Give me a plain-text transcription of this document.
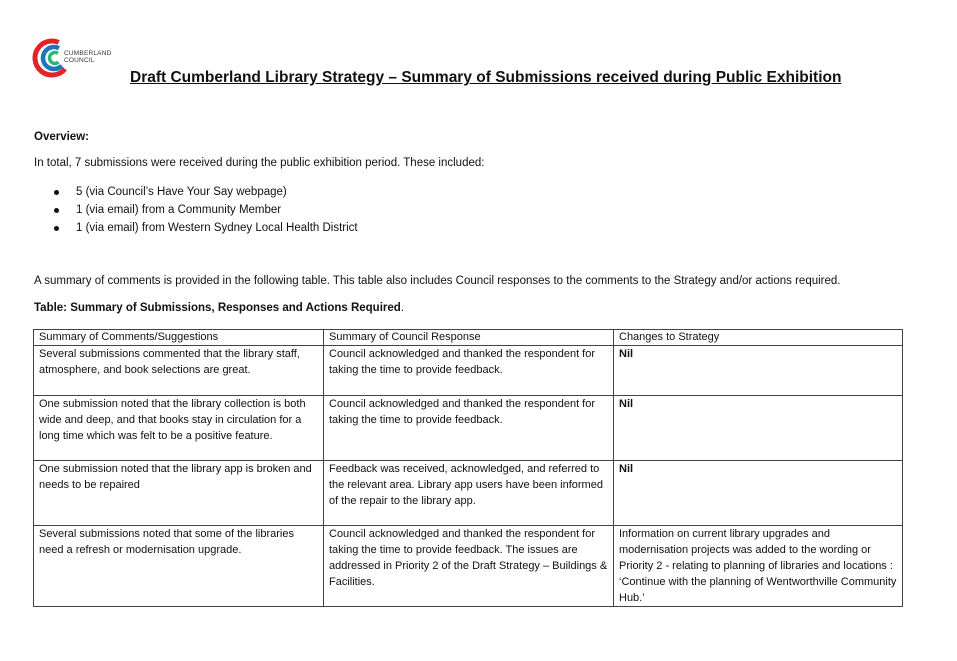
CUMBERLAND
COUNCIL
Draft Cumberland Library Strategy – Summary of Submissions received during Public Exhibition
Overview:
In total, 7 submissions were received during the public exhibition period. These included:
5 (via Council’s Have Your Say webpage)
1 (via email) from a Community Member
1 (via email) from Western Sydney Local Health District
A summary of comments is provided in the following table. This table also includes Council responses to the comments to the Strategy and/or actions required.
Table: Summary of Submissions, Responses and Actions Required.
Summary of Comments/Suggestions	Summary of Council Response	Changes to Strategy
Several submissions commented that the library staff, atmosphere, and book selections are great.	Council acknowledged and thanked the respondent for taking the time to provide feedback.	Nil
One submission noted that the library collection is both wide and deep, and that books stay in circulation for a long time which was felt to be a positive feature.	Council acknowledged and thanked the respondent for taking the time to provide feedback.	Nil
One submission noted that the library app is broken and needs to be repaired	Feedback was received, acknowledged, and referred to the relevant area. Library app users have been informed of the repair to the library app.	Nil
Several submissions noted that some of the libraries need a refresh or modernisation upgrade.	Council acknowledged and thanked the respondent for taking the time to provide feedback. The issues are addressed in Priority 2 of the Draft Strategy – Buildings & Facilities.	Information on current library upgrades and modernisation projects was added to the wording or Priority 2 - relating to planning of libraries and locations : ‘Continue with the planning of Wentworthville Community Hub.’
